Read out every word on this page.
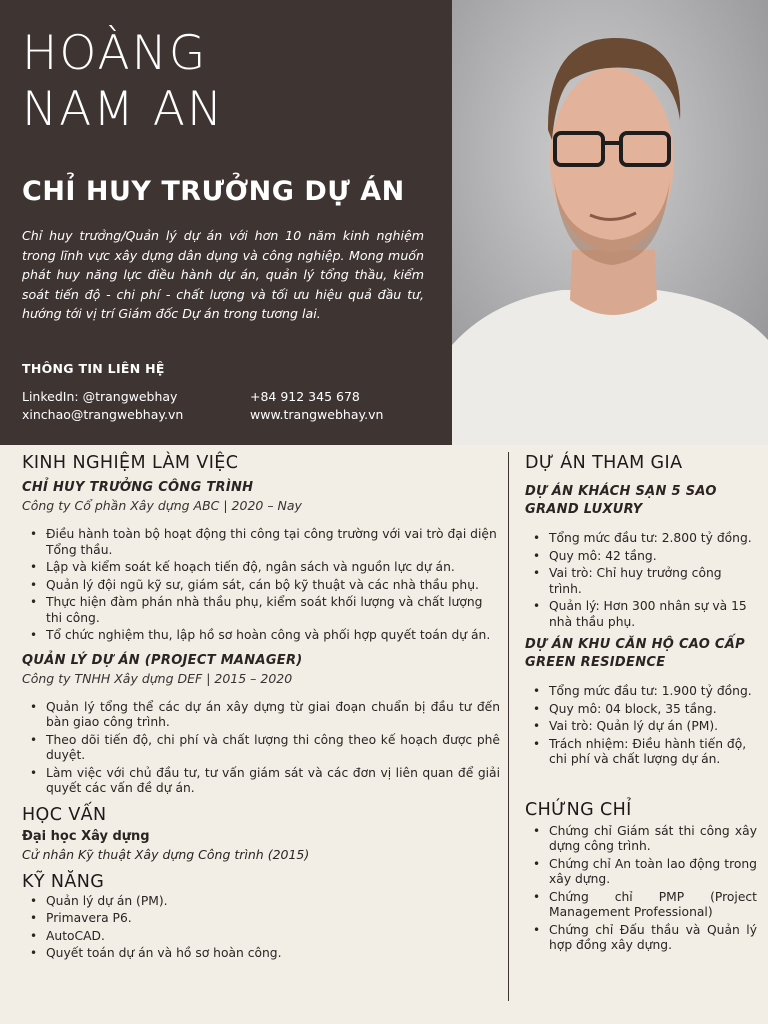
HOÀNG
NAM AN
CHỈ HUY TRƯỞNG DỰ ÁN

Chỉ huy trưởng/Quản lý dự án với hơn 10 năm kinh nghiệm trong lĩnh vực xây dựng dân dụng và công nghiệp. Mong muốn phát huy năng lực điều hành dự án, quản lý tổng thầu, kiểm soát tiến độ - chi phí - chất lượng và tối ưu hiệu quả đầu tư, hướng tới vị trí Giám đốc Dự án trong tương lai.

THÔNG TIN LIÊN HỆ
LinkedIn: @trangwebhay
xinchao@trangwebhay.vn
+84 912 345 678
www.trangwebhay.vn
KINH NGHIỆM LÀM VIỆC
CHỈ HUY TRƯỞNG CÔNG TRÌNH
Công ty Cổ phần Xây dựng ABC | 2020 – Nay
• Điều hành toàn bộ hoạt động thi công tại công trường với vai trò đại diện Tổng thầu.
• Lập và kiểm soát kế hoạch tiến độ, ngân sách và nguồn lực dự án.
• Quản lý đội ngũ kỹ sư, giám sát, cán bộ kỹ thuật và các nhà thầu phụ.
• Thực hiện đàm phán nhà thầu phụ, kiểm soát khối lượng và chất lượng thi công.
• Tổ chức nghiệm thu, lập hồ sơ hoàn công và phối hợp quyết toán dự án.
QUẢN LÝ DỰ ÁN (PROJECT MANAGER)
Công ty TNHH Xây dựng DEF | 2015 – 2020
• Quản lý tổng thể các dự án xây dựng từ giai đoạn chuẩn bị đầu tư đến bàn giao công trình.
• Theo dõi tiến độ, chi phí và chất lượng thi công theo kế hoạch được phê duyệt.
• Làm việc với chủ đầu tư, tư vấn giám sát và các đơn vị liên quan để giải quyết các vấn đề dự án.
HỌC VẤN
Đại học Xây dựng
Cử nhân Kỹ thuật Xây dựng Công trình (2015)
KỸ NĂNG
• Quản lý dự án (PM).
• Primavera P6.
• AutoCAD.
• Quyết toán dự án và hồ sơ hoàn công.
DỰ ÁN THAM GIA
DỰ ÁN KHÁCH SẠN 5 SAO GRAND LUXURY
• Tổng mức đầu tư: 2.800 tỷ đồng.
• Quy mô: 42 tầng.
• Vai trò: Chỉ huy trưởng công trình.
• Quản lý: Hơn 300 nhân sự và 15 nhà thầu phụ.
DỰ ÁN KHU CĂN HỘ CAO CẤP GREEN RESIDENCE
• Tổng mức đầu tư: 1.900 tỷ đồng.
• Quy mô: 04 block, 35 tầng.
• Vai trò: Quản lý dự án (PM).
• Trách nhiệm: Điều hành tiến độ, chi phí và chất lượng dự án.
CHỨNG CHỈ
• Chứng chỉ Giám sát thi công xây dựng công trình.
• Chứng chỉ An toàn lao động trong xây dựng.
• Chứng chỉ PMP (Project Management Professional)
• Chứng chỉ Đấu thầu và Quản lý hợp đồng xây dựng.
